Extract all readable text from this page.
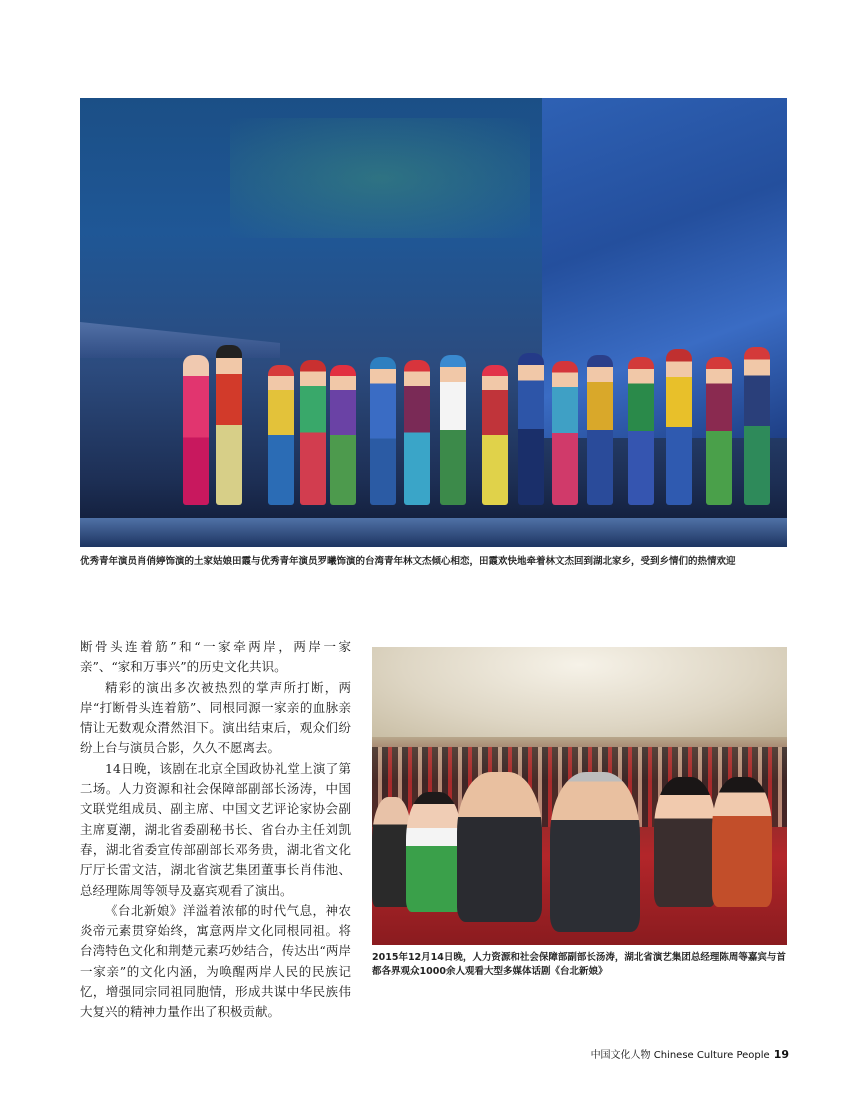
优秀青年演员肖俏婷饰演的土家姑娘田霞与优秀青年演员罗曦饰演的台湾青年林文杰倾心相恋，田霞欢快地牵着林文杰回到湖北家乡，受到乡情们的热情欢迎

断骨头连着筋”和“一家牵两岸，两岸一家亲”、“家和万事兴”的历史文化共识。

精彩的演出多次被热烈的掌声所打断，两岸“打断骨头连着筋”、同根同源一家亲的血脉亲情让无数观众潸然泪下。演出结束后，观众们纷纷上台与演员合影，久久不愿离去。

14日晚，该剧在北京全国政协礼堂上演了第二场。人力资源和社会保障部副部长汤涛，中国文联党组成员、副主席、中国文艺评论家协会副主席夏潮，湖北省委副秘书长、省台办主任刘凯春，湖北省委宣传部副部长邓务贵，湖北省文化厅厅长雷文洁，湖北省演艺集团董事长肖伟池、总经理陈周等领导及嘉宾观看了演出。

《台北新娘》洋溢着浓郁的时代气息，神农炎帝元素贯穿始终，寓意两岸文化同根同祖。将台湾特色文化和荆楚元素巧妙结合，传达出“两岸一家亲”的文化内涵，为唤醒两岸人民的民族记忆，增强同宗同祖同胞情，形成共谋中华民族伟大复兴的精神力量作出了积极贡献。

2015年12月14日晚，人力资源和社会保障部副部长汤涛，湖北省演艺集团总经理陈周等嘉宾与首都各界观众1000余人观看大型多媒体话剧《台北新娘》

中国文化人物 Chinese Culture People 19
